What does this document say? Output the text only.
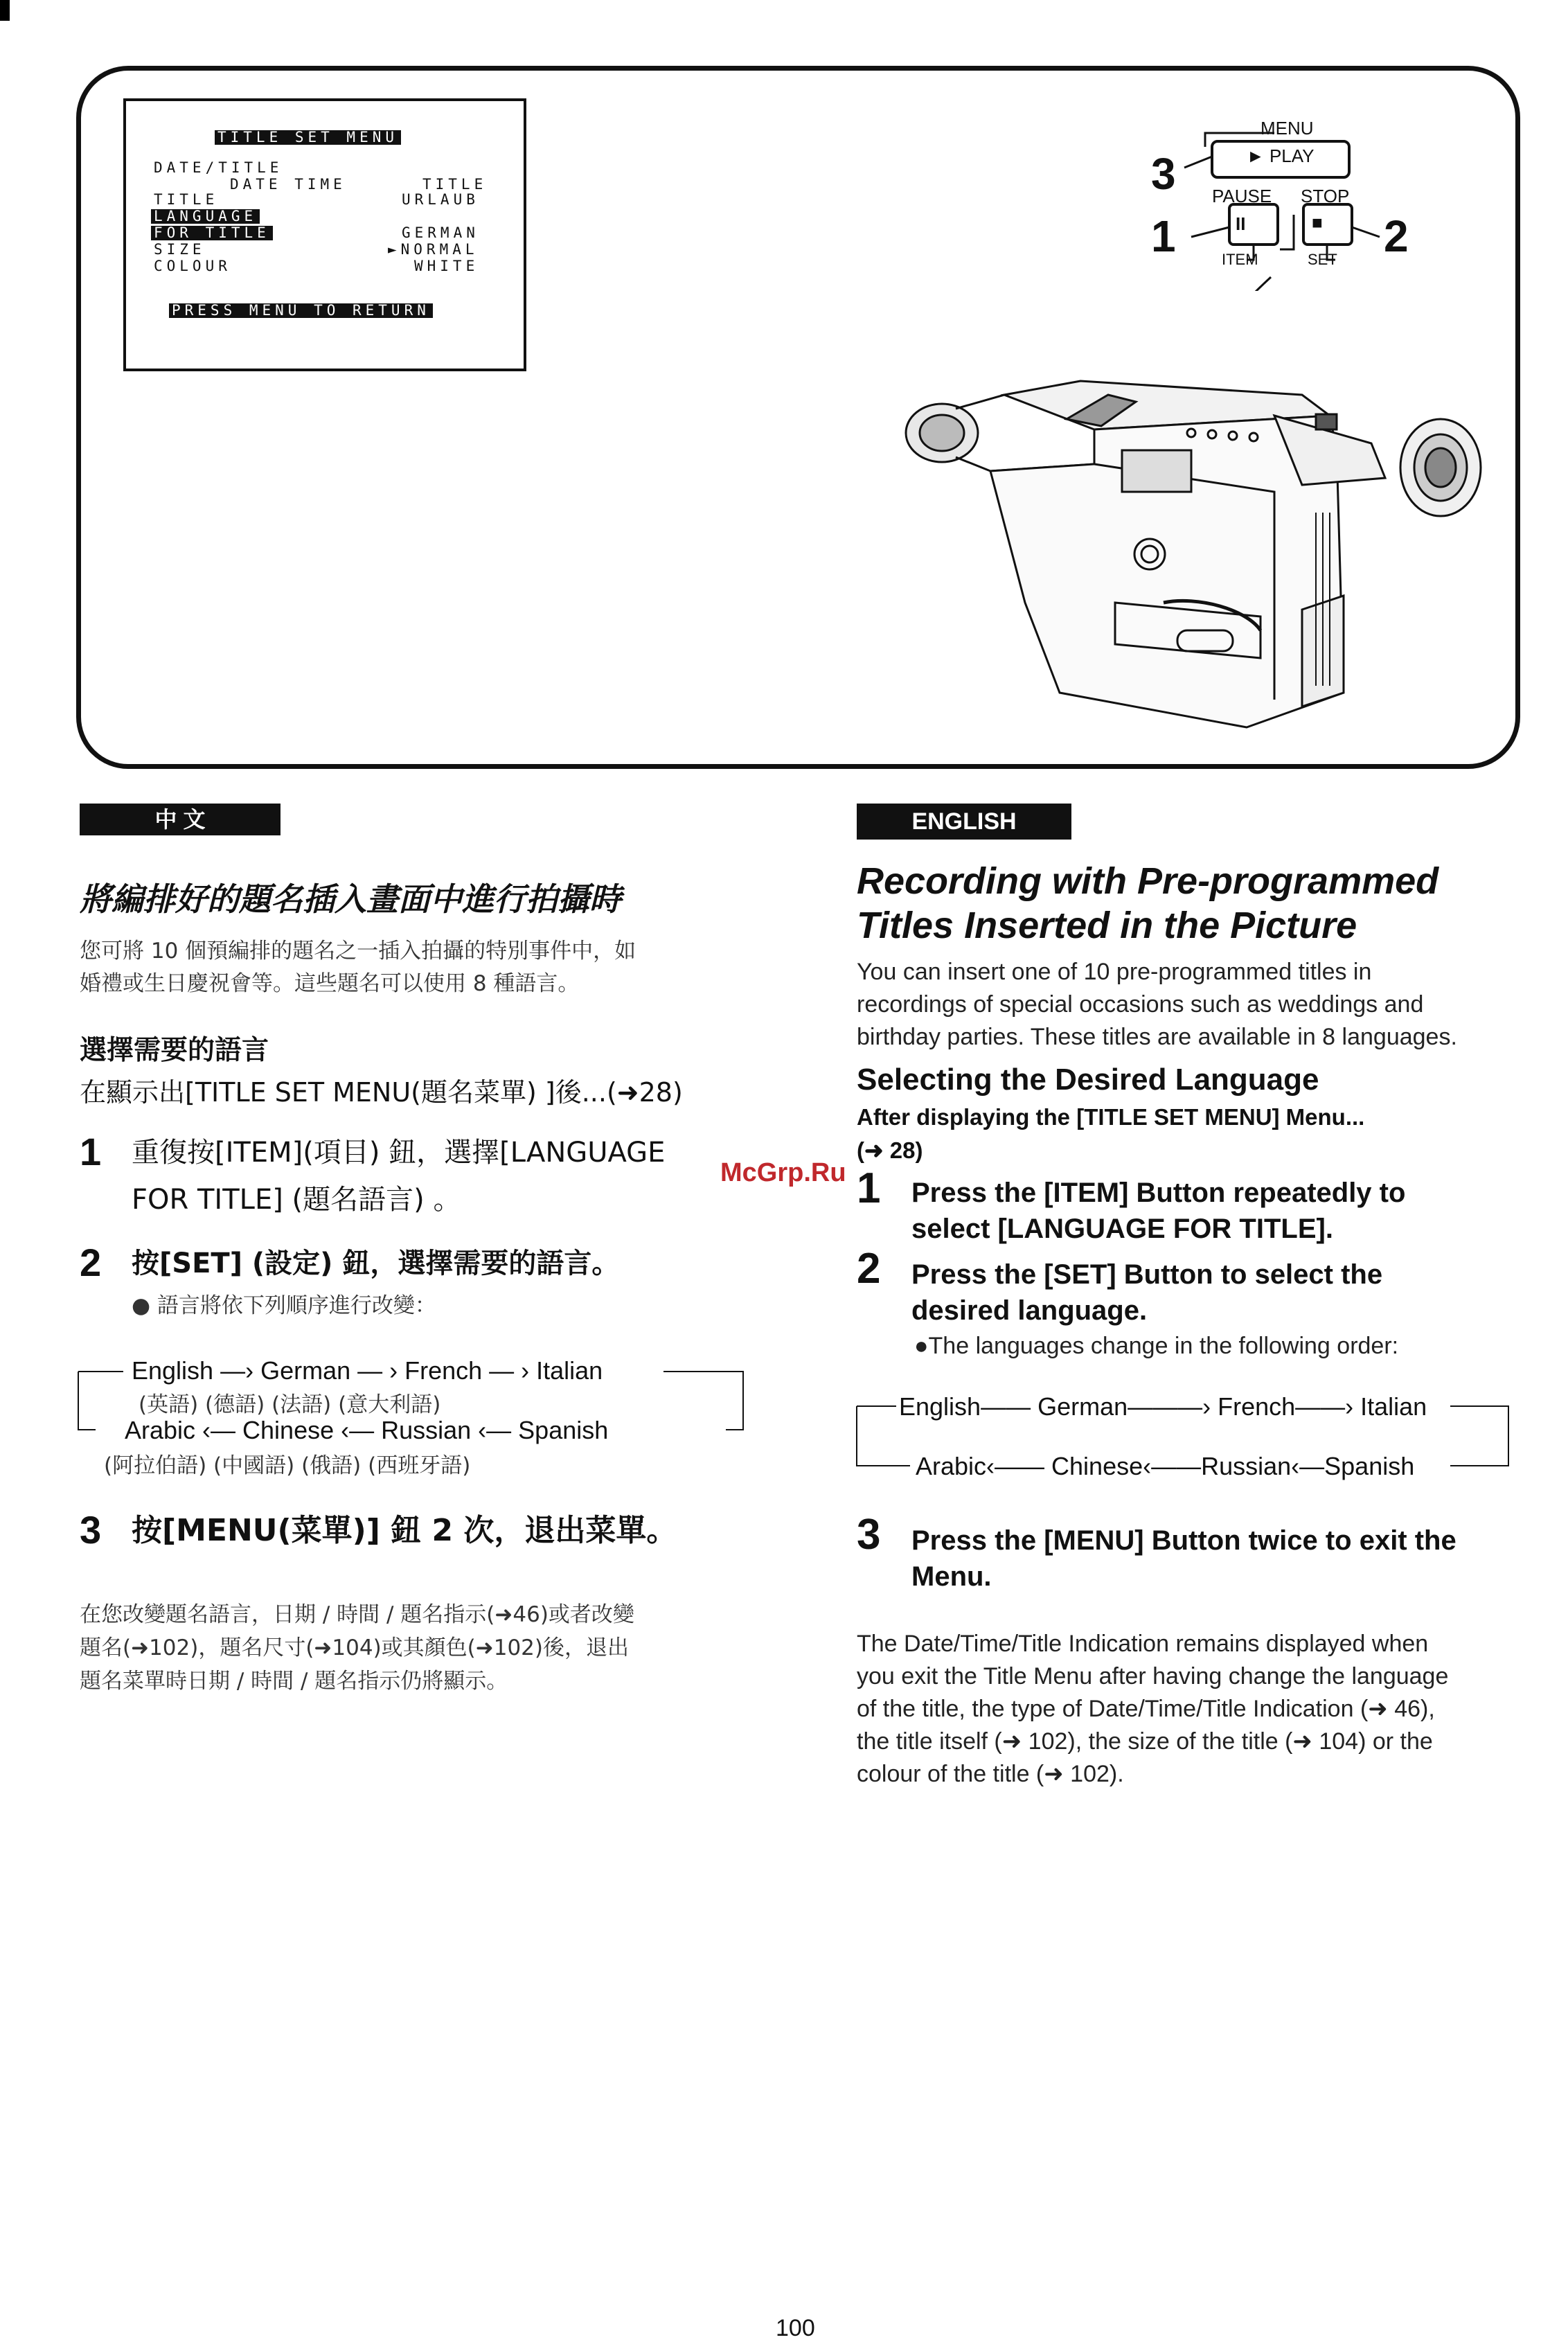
TITLE SET MENU
DATE/TITLE
DATE TIME	TITLE
TITLE	URLAUB
LANGUAGE
FOR TITLE	GERMAN
SIZE	►NORMAL
COLOUR	WHITE
PRESS MENU TO RETURN
MENU
► PLAY
PAUSE STOP
II	■
ITEM	SET
3
1	2
中 文
將編排好的題名插入畫面中進行拍攝時
您可將 10 個預編排的題名之一插入拍攝的特別事件中，如
婚禮或生日慶祝會等。這些題名可以使用 8 種語言。
選擇需要的語言
在顯示出[TITLE SET MENU(題名菜單) ]後...(➜28)
1 重復按[ITEM](項目) 鈕，選擇[LANGUAGE
FOR TITLE] (題名語言) 。
2 按[SET] (設定) 鈕，選擇需要的語言。
● 語言將依下列順序進行改變：
English —› German — › French — › Italian
(英語) (德語) (法語) (意大利語)
Arabic ‹— Chinese ‹— Russian ‹— Spanish
(阿拉伯語) (中國語) (俄語) (西班牙語)
3 按[MENU(菜單)] 鈕 2 次，退出菜單。
在您改變題名語言，日期 / 時間 / 題名指示(➜46)或者改變
題名(➜102)，題名尺寸(➜104)或其顏色(➜102)後，退出
題名菜單時日期 / 時間 / 題名指示仍將顯示。
ENGLISH
Recording with Pre-programmed
Titles Inserted in the Picture
You can insert one of 10 pre-programmed titles in
recordings of special occasions such as weddings and
birthday parties. These titles are available in 8 languages.
Selecting the Desired Language
After displaying the [TITLE SET MENU] Menu...
(➜ 28)
1 Press the [ITEM] Button repeatedly to
select [LANGUAGE FOR TITLE].
2 Press the [SET] Button to select the
desired language.
●The languages change in the following order:
English—— German———› French——› Italian
Arabic‹—— Chinese‹——Russian‹—Spanish
3 Press the [MENU] Button twice to exit the
Menu.
The Date/Time/Title Indication remains displayed when
you exit the Title Menu after having change the language
of the title, the type of Date/Time/Title Indication (➜ 46),
the title itself (➜ 102), the size of the title (➜ 104) or the
colour of the title (➜ 102).
McGrp.Ru
100
